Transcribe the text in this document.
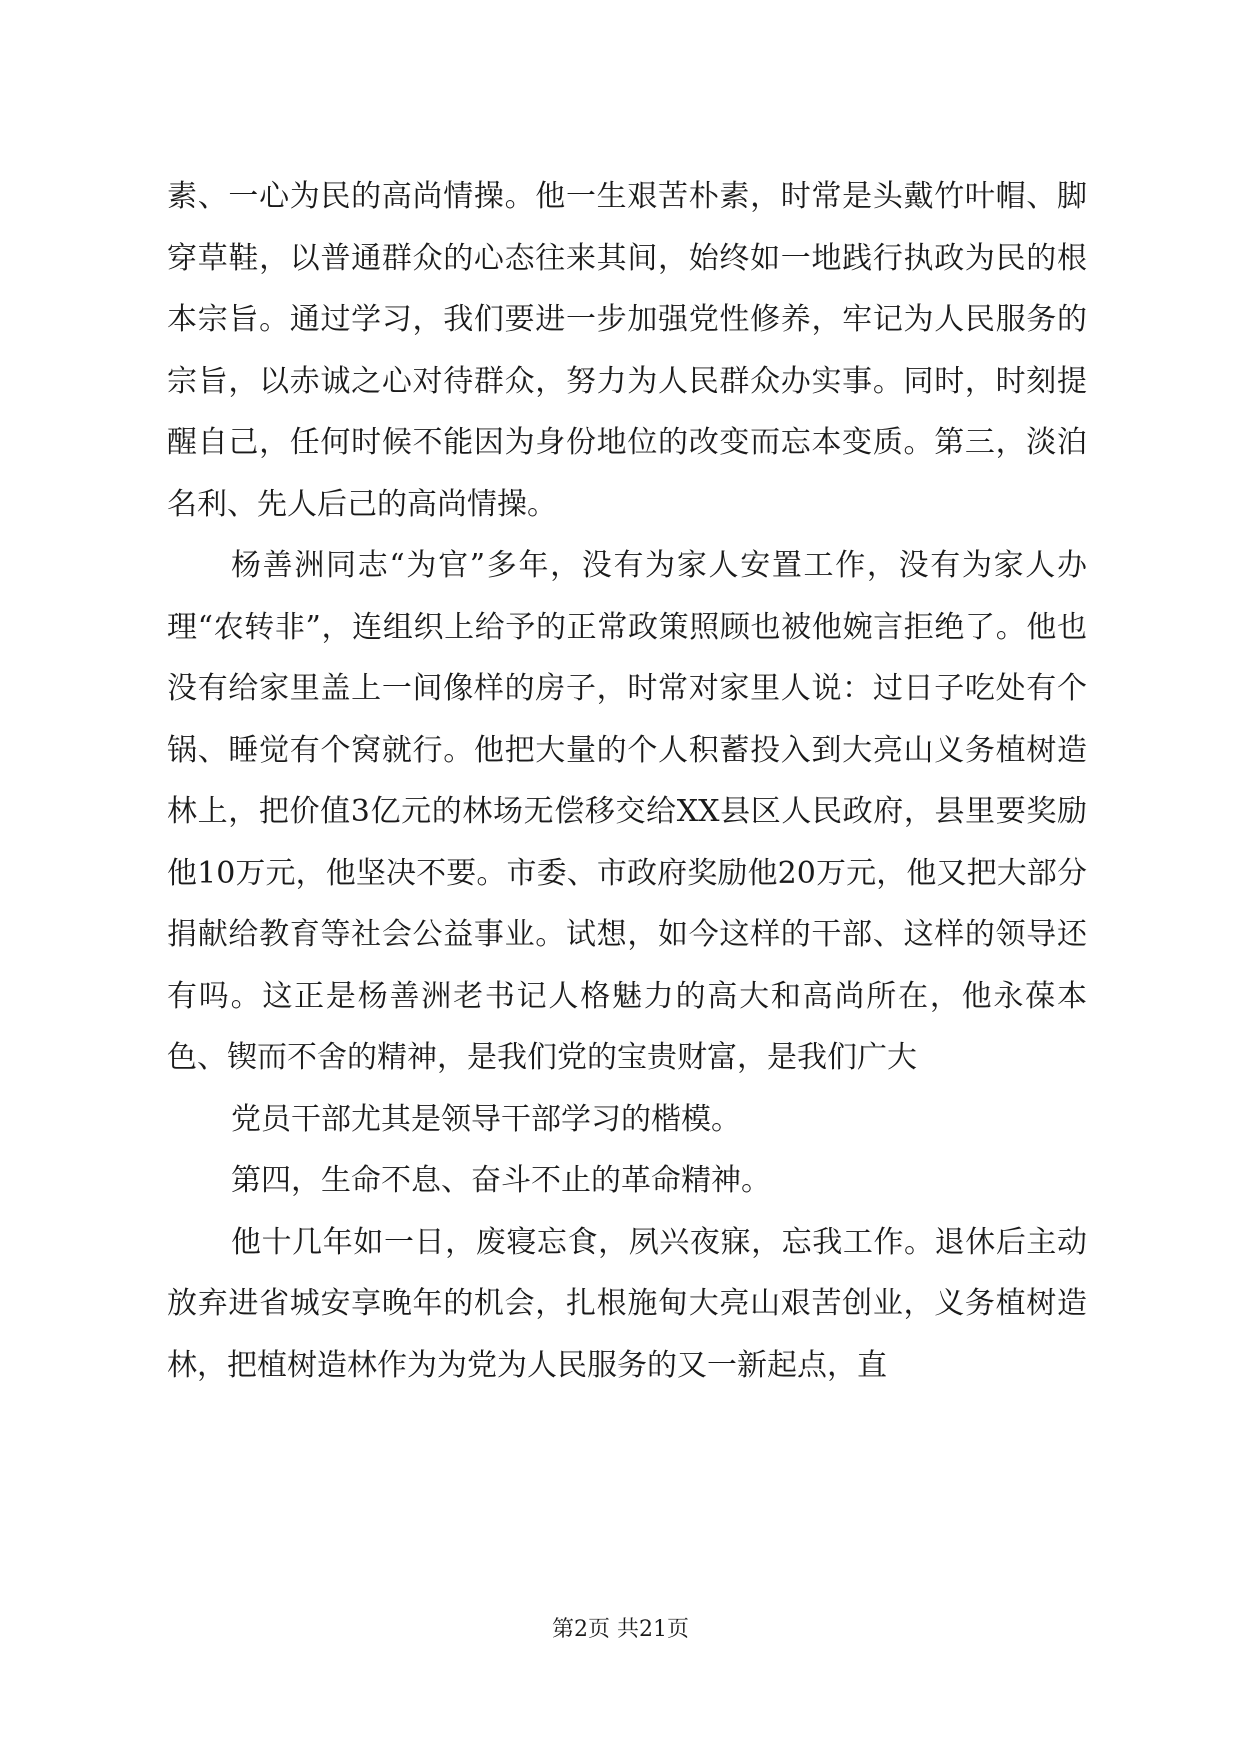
素、一心为民的高尚情操。他一生艰苦朴素，时常是头戴竹叶帽、脚穿草鞋，以普通群众的心态往来其间，始终如一地践行执政为民的根本宗旨。通过学习，我们要进一步加强党性修养，牢记为人民服务的宗旨，以赤诚之心对待群众，努力为人民群众办实事。同时，时刻提醒自己，任何时候不能因为身份地位的改变而忘本变质。第三，淡泊名利、先人后己的高尚情操。

杨善洲同志“为官”多年，没有为家人安置工作，没有为家人办理“农转非”，连组织上给予的正常政策照顾也被他婉言拒绝了。他也没有给家里盖上一间像样的房子，时常对家里人说：过日子吃处有个锅、睡觉有个窝就行。他把大量的个人积蓄投入到大亮山义务植树造林上，把价值3亿元的林场无偿移交给XX县区人民政府，县里要奖励他10万元，他坚决不要。市委、市政府奖励他20万元，他又把大部分捐献给教育等社会公益事业。试想，如今这样的干部、这样的领导还有吗。这正是杨善洲老书记人格魅力的高大和高尚所在，他永葆本色、锲而不舍的精神，是我们党的宝贵财富，是我们广大

党员干部尤其是领导干部学习的楷模。

第四，生命不息、奋斗不止的革命精神。

他十几年如一日，废寝忘食，夙兴夜寐，忘我工作。退休后主动放弃进省城安享晚年的机会，扎根施甸大亮山艰苦创业，义务植树造林，把植树造林作为为党为人民服务的又一新起点，直

第2页 共21页
